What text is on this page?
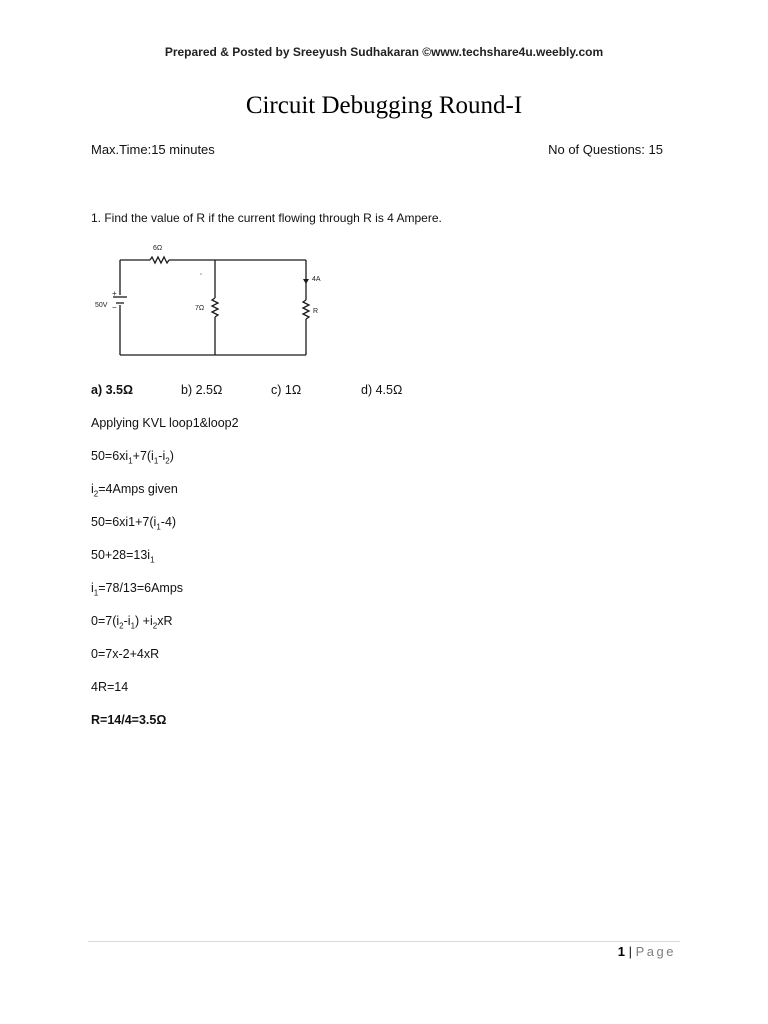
Prepared & Posted by Sreeyush Sudhakaran ©www.techshare4u.weebly.com
Circuit Debugging Round-I
Max.Time:15 minutes	No of Questions: 15
1. Find the value of R if the current flowing through R is 4 Ampere.
6Ω
50V
+
−	7Ω
4A
R
a) 3.5Ω	b) 2.5Ω	c) 1Ω	d) 4.5Ω
Applying KVL loop1&loop2
$50=6xi_1+7(i_1-i_2)$
$i_2=4Amps$ given
$50=6xi1+7(i_1-4)$
$50+28=13i_1$
$i_1=78/13=6Amps$
$0=7(i_2-i_1) +i_2xR$
0=7x-2+4xR
4R=14
R=14/4=3.5Ω
1 | Page
